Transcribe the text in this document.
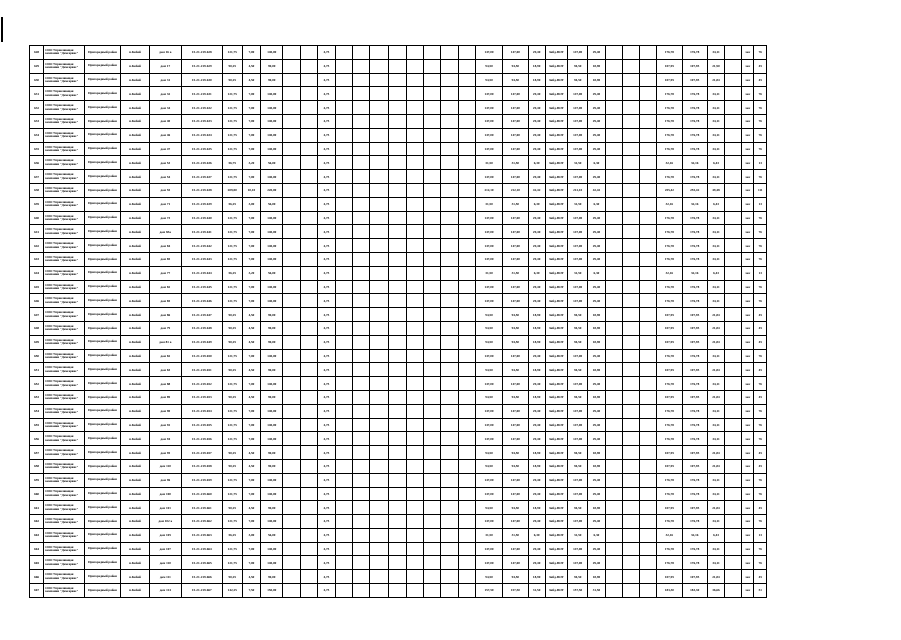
628	ООО Управляющая компания "Домсервис"	Пригородный район	п.Кобяй	дом 16 а	15-21-219-628	121,75	7,00	140,00			4,75									147,00	147,00	29,40	Зибд-ВОТ	147,00	29,40				176,78	176,78	34,11		мес	76
629	ООО Управляющая компания "Домсервис"	Пригородный район	п.Кобяй	дом 17	15-21-219-629	90,25	4,50	90,00			4,75									94,50	94,50	18,90	Зибд-ВОТ	94,50	18,90				107,95	107,95	21,90		мес	45
630	ООО Управляющая компания "Домсервис"	Пригородный район	п.Кобяй	дом 31	15-21-219-630	90,25	4,50	90,00			4,75									94,50	94,50	18,90	Зибд-ВОТ	94,50	18,90				107,95	107,95	21,84		мес	45
631	ООО Управляющая компания "Домсервис"	Пригородный район	п.Кобяй	дом 32	15-21-219-631	121,75	7,00	140,00			4,75									147,00	147,00	29,40	Зибд-ВОТ	147,00	29,40				176,78	176,78	34,11		мес	76
632	ООО Управляющая компания "Домсервис"	Пригородный район	п.Кобяй	дом 34	15-21-219-632	121,75	7,00	140,00			4,75									147,00	147,00	29,40	Зибд-ВОТ	147,00	29,40				176,78	176,78	34,11		мес	76
633	ООО Управляющая компания "Домсервис"	Пригородный район	п.Кобяй	дом 40	15-21-219-633	121,75	7,00	140,00			4,75									147,00	147,00	29,40	Зибд-ВОТ	147,00	29,40				176,78	176,78	34,11		мес	76
634	ООО Управляющая компания "Домсервис"	Пригородный район	п.Кобяй	дом 46	15-21-219-634	121,75	7,00	140,00			4,75									147,00	147,00	29,40	Зибд-ВОТ	147,00	29,40				176,78	176,78	34,11		мес	76
635	ООО Управляющая компания "Домсервис"	Пригородный район	п.Кобяй	дом 47	15-21-219-635	121,75	7,00	140,00			4,75									147,00	147,00	29,40	Зибд-ВОТ	147,00	29,40				176,78	176,78	34,11		мес	76
636	ООО Управляющая компания "Домсервис"	Пригородный район	п.Кобяй	дом 53	15-21-219-636	56,75	3,20	56,00			4,75									31,50	31,50	6,30	Зибд-ВОТ	31,50	6,30				32,16	32,16	6,43		мес	13
637	ООО Управляющая компания "Домсервис"	Пригородный район	п.Кобяй	дом 54	15-21-219-637	121,75	7,00	140,00			4,75									147,00	147,00	29,40	Зибд-ВОТ	147,00	29,40				176,78	176,78	34,11		мес	76
638	ООО Управляющая компания "Домсервис"	Пригородный район	п.Кобяй	дом 55	15-21-219-638	209,00	10,10	220,00			4,75									212,10	212,10	42,42	Зибд-ВОТ	212,10	42,42				255,42	255,42	49,48		мес	111
639	ООО Управляющая компания "Домсервис"	Пригородный район	п.Кобяй	дом 71	15-21-219-639	56,25	3,00	56,00			4,75									31,50	31,50	6,30	Зибд-ВОТ	31,50	6,30				32,16	32,16	6,43		мес	13
640	ООО Управляющая компания "Домсервис"	Пригородный район	п.Кобяй	дом 73	15-21-219-640	121,75	7,00	140,00			4,75									147,00	147,00	29,40	Зибд-ВОТ	147,00	29,40				176,78	176,78	34,11		мес	76
641	ООО Управляющая компания "Домсервис"	Пригородный район	п.Кобяй	дом 83а	15-21-219-641	121,75	7,00	140,00			4,75									147,00	147,00	29,40	Зибд-ВОТ	147,00	29,40				176,78	176,78	34,11		мес	76
642	ООО Управляющая компания "Домсервис"	Пригородный район	п.Кобяй	дом 84	15-21-219-642	121,75	7,00	140,00			4,75									147,00	147,00	29,40	Зибд-ВОТ	147,00	29,40				176,78	176,78	34,11		мес	76
643	ООО Управляющая компания "Домсервис"	Пригородный район	п.Кобяй	дом 85	15-21-219-643	121,75	7,00	140,00			4,75									147,00	147,00	29,40	Зибд-ВОТ	147,00	29,40				176,78	176,78	34,11		мес	76
644	ООО Управляющая компания "Домсервис"	Пригородный район	п.Кобяй	дом 77	15-21-219-644	56,25	3,20	56,00			4,75									31,50	31,50	6,30	Зибд-ВОТ	31,50	6,30				32,16	32,16	6,43		мес	13
645	ООО Управляющая компания "Домсервис"	Пригородный район	п.Кобяй	дом 82	15-21-219-645	121,75	7,00	140,00			4,75									147,00	147,00	29,40	Зибд-ВОТ	147,00	29,40				176,78	176,78	34,11		мес	76
646	ООО Управляющая компания "Домсервис"	Пригородный район	п.Кобяй	дом 85	15-21-219-646	121,75	7,00	140,00			4,75									147,00	147,00	29,40	Зибд-ВОТ	147,00	29,40				176,78	176,78	34,11		мес	76
647	ООО Управляющая компания "Домсервис"	Пригородный район	п.Кобяй	дом 86	15-21-219-647	90,25	4,50	90,00			4,75									94,50	94,50	18,90	Зибд-ВОТ	94,50	18,90				107,95	107,95	21,84		мес	45
648	ООО Управляющая компания "Домсервис"	Пригородный район	п.Кобяй	дом 79	15-21-219-648	90,25	4,50	90,00			4,75									94,50	94,50	18,90	Зибд-ВОТ	94,50	18,90				107,95	107,95	21,84		мес	45
649	ООО Управляющая компания "Домсервис"	Пригородный район	п.Кобяй	дом 81 а	15-21-219-649	90,25	4,50	90,00			4,75									94,50	94,50	18,90	Зибд-ВОТ	94,50	18,90				107,95	107,95	21,84		мес	45
650	ООО Управляющая компания "Домсервис"	Пригородный район	п.Кобяй	дом 82	15-21-219-650	121,75	7,00	140,00			4,75									147,00	147,00	29,40	Зибд-ВОТ	147,00	29,40				176,78	176,78	34,11		мес	76
651	ООО Управляющая компания "Домсервис"	Пригородный район	п.Кобяй	дом 83	15-21-219-651	90,25	4,50	90,00			4,75									94,50	94,50	18,90	Зибд-ВОТ	94,50	18,90				107,95	107,95	21,84		мес	45
652	ООО Управляющая компания "Домсервис"	Пригородный район	п.Кобяй	дом 88	15-21-219-652	121,75	7,00	140,00			4,75									147,00	147,00	29,40	Зибд-ВОТ	147,00	29,40				176,78	176,78	34,11		мес	76
653	ООО Управляющая компания "Домсервис"	Пригородный район	п.Кобяй	дом 89	15-21-219-653	90,25	4,50	90,00			4,75									94,50	94,50	18,90	Зибд-ВОТ	94,50	18,90				107,95	107,95	21,84		мес	45
654	ООО Управляющая компания "Домсервис"	Пригородный район	п.Кобяй	дом 90	15-21-219-654	121,75	7,00	140,00			4,75									147,00	147,00	29,40	Зибд-ВОТ	147,00	29,40				176,78	176,78	34,11		мес	76
655	ООО Управляющая компания "Домсервис"	Пригородный район	п.Кобяй	дом 92	15-21-219-655	121,75	7,00	140,00			4,75									147,00	147,00	29,40	Зибд-ВОТ	147,00	29,40				176,78	176,78	34,11		мес	76
656	ООО Управляющая компания "Домсервис"	Пригородный район	п.Кобяй	дом 94	15-21-219-656	121,75	7,00	140,00			4,75									147,00	147,00	29,40	Зибд-ВОТ	147,00	29,40				176,78	176,78	34,11		мес	76
657	ООО Управляющая компания "Домсервис"	Пригородный район	п.Кобяй	дом 95	15-21-219-657	90,25	4,50	90,00			4,75									94,50	94,50	18,90	Зибд-ВОТ	94,50	18,90				107,95	107,95	21,84		мес	45
658	ООО Управляющая компания "Домсервис"	Пригородный район	п.Кобяй	дом 110	15-21-219-658	90,25	4,50	90,00			4,75									94,50	94,50	18,90	Зибд-ВОТ	94,50	18,90				107,95	107,95	21,84		мес	45
659	ООО Управляющая компания "Домсервис"	Пригородный район	п.Кобяй	дом 96	15-21-219-659	121,75	7,00	140,00			4,75									147,00	147,00	29,40	Зибд-ВОТ	147,00	29,40				176,78	176,78	34,11		мес	76
660	ООО Управляющая компания "Домсервис"	Пригородный район	п.Кобяй	дом 100	15-21-219-660	121,75	7,00	140,00			4,75									147,00	147,00	29,40	Зибд-ВОТ	147,00	29,40				176,78	176,78	34,11		мес	76
661	ООО Управляющая компания "Домсервис"	Пригородный район	п.Кобяй	дом 101	15-21-219-661	90,25	4,50	90,00			4,75									94,50	94,50	18,90	Зибд-ВОТ	94,50	18,90				107,95	107,95	21,84		мес	45
662	ООО Управляющая компания "Домсервис"	Пригородный район	п.Кобяй	дом 102 а	15-21-219-662	121,75	7,00	140,00			4,75									147,00	147,00	29,40	Зибд-ВОТ	147,00	29,40				176,78	176,78	34,11		мес	76
663	ООО Управляющая компания "Домсервис"	Пригородный район	п.Кобяй	дом 105	15-21-219-663	56,25	3,00	56,00			4,75									31,50	31,50	6,30	Зибд-ВОТ	31,50	6,30				32,16	32,16	6,43		мес	13
664	ООО Управляющая компания "Домсервис"	Пригородный район	п.Кобяй	дом 107	15-21-219-664	121,75	7,00	140,00			4,75									147,00	147,00	29,40	Зибд-ВОТ	147,00	29,40				176,78	176,78	34,11		мес	76
665	ООО Управляющая компания "Домсервис"	Пригородный район	п.Кобяй	дом 110	15-21-219-665	121,75	7,00	140,00			4,75									147,00	147,00	29,40	Зибд-ВОТ	147,00	29,40				176,78	176,78	34,11		мес	76
666	ООО Управляющая компания "Домсервис"	Пригородный район	п.Кобяй	дом 111	15-21-219-666	90,25	4,50	90,00			4,75									94,50	94,50	18,90	Зибд-ВОТ	94,50	18,90				107,95	107,95	21,84		мес	45
667	ООО Управляющая компания "Домсервис"	Пригородный район	п.Кобяй	дом 114	15-21-219-667	142,25	7,50	150,00			4,75									157,50	157,50	31,50	Зибд-ВОТ	157,50	31,50				183,30	183,30	36,66		мес	51
